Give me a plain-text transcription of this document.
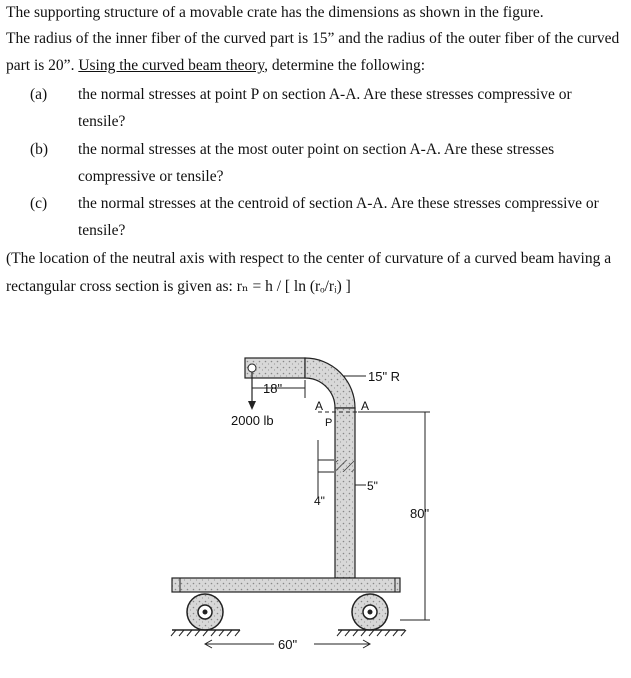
The supporting structure of a movable crate has the dimensions as shown in the figure.
The radius of the inner fiber of the curved part is 15” and the radius of the outer fiber of the curved
part is 20”. Using the curved beam theory, determine the following:
(a) the normal stresses at point P on section A-A. Are these stresses compressive or
tensile?
(b) the normal stresses at the most outer point on section A-A. Are these stresses
compressive or tensile?
(c) the normal stresses at the centroid of section A-A. Are these stresses compressive or
tensile?
(The location of the neutral axis with respect to the center of curvature of a curved beam having a
rectangular cross section is given as: rₙ = h / [ ln (rₒ/rᵢ) ]
18"
15" R
2000 lb
A	A
P
80"
5"
4"
60"
